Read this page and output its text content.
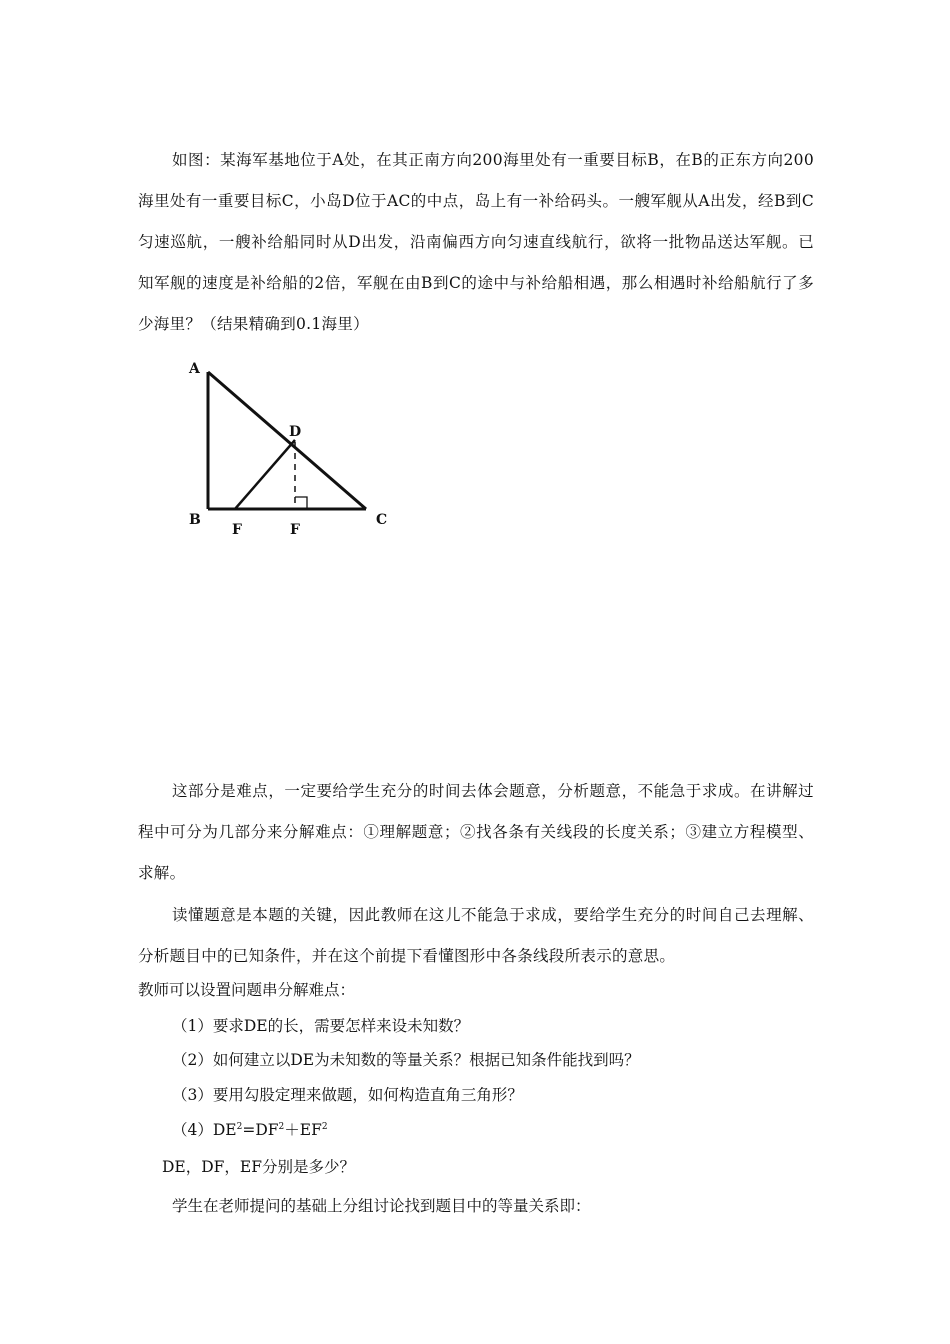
如图：某海军基地位于A处，在其正南方向200海里处有一重要目标B，在B的正东方向200海里处有一重要目标C，小岛D位于AC的中点，岛上有一补给码头。一艘军舰从A出发，经B到C匀速巡航，一艘补给船同时从D出发，沿南偏西方向匀速直线航行，欲将一批物品送达军舰。已知军舰的速度是补给船的2倍，军舰在由B到C的途中与补给船相遇，那么相遇时补给船航行了多少海里？（结果精确到0.1海里）

A
B	C
D
F	F

这部分是难点，一定要给学生充分的时间去体会题意，分析题意，不能急于求成。在讲解过程中可分为几部分来分解难点：①理解题意；②找各条有关线段的长度关系；③建立方程模型、求解。

读懂题意是本题的关键，因此教师在这儿不能急于求成，要给学生充分的时间自己去理解、分析题目中的已知条件，并在这个前提下看懂图形中各条线段所表示的意思。

教师可以设置问题串分解难点：

（1）要求DE的长，需要怎样来设未知数？

（2）如何建立以DE为未知数的等量关系？根据已知条件能找到吗？

（3）要用勾股定理来做题，如何构造直角三角形？

$(4)DE^2=DF^2+EF^2$

DE，DF，EF分别是多少？

学生在老师提问的基础上分组讨论找到题目中的等量关系即：
